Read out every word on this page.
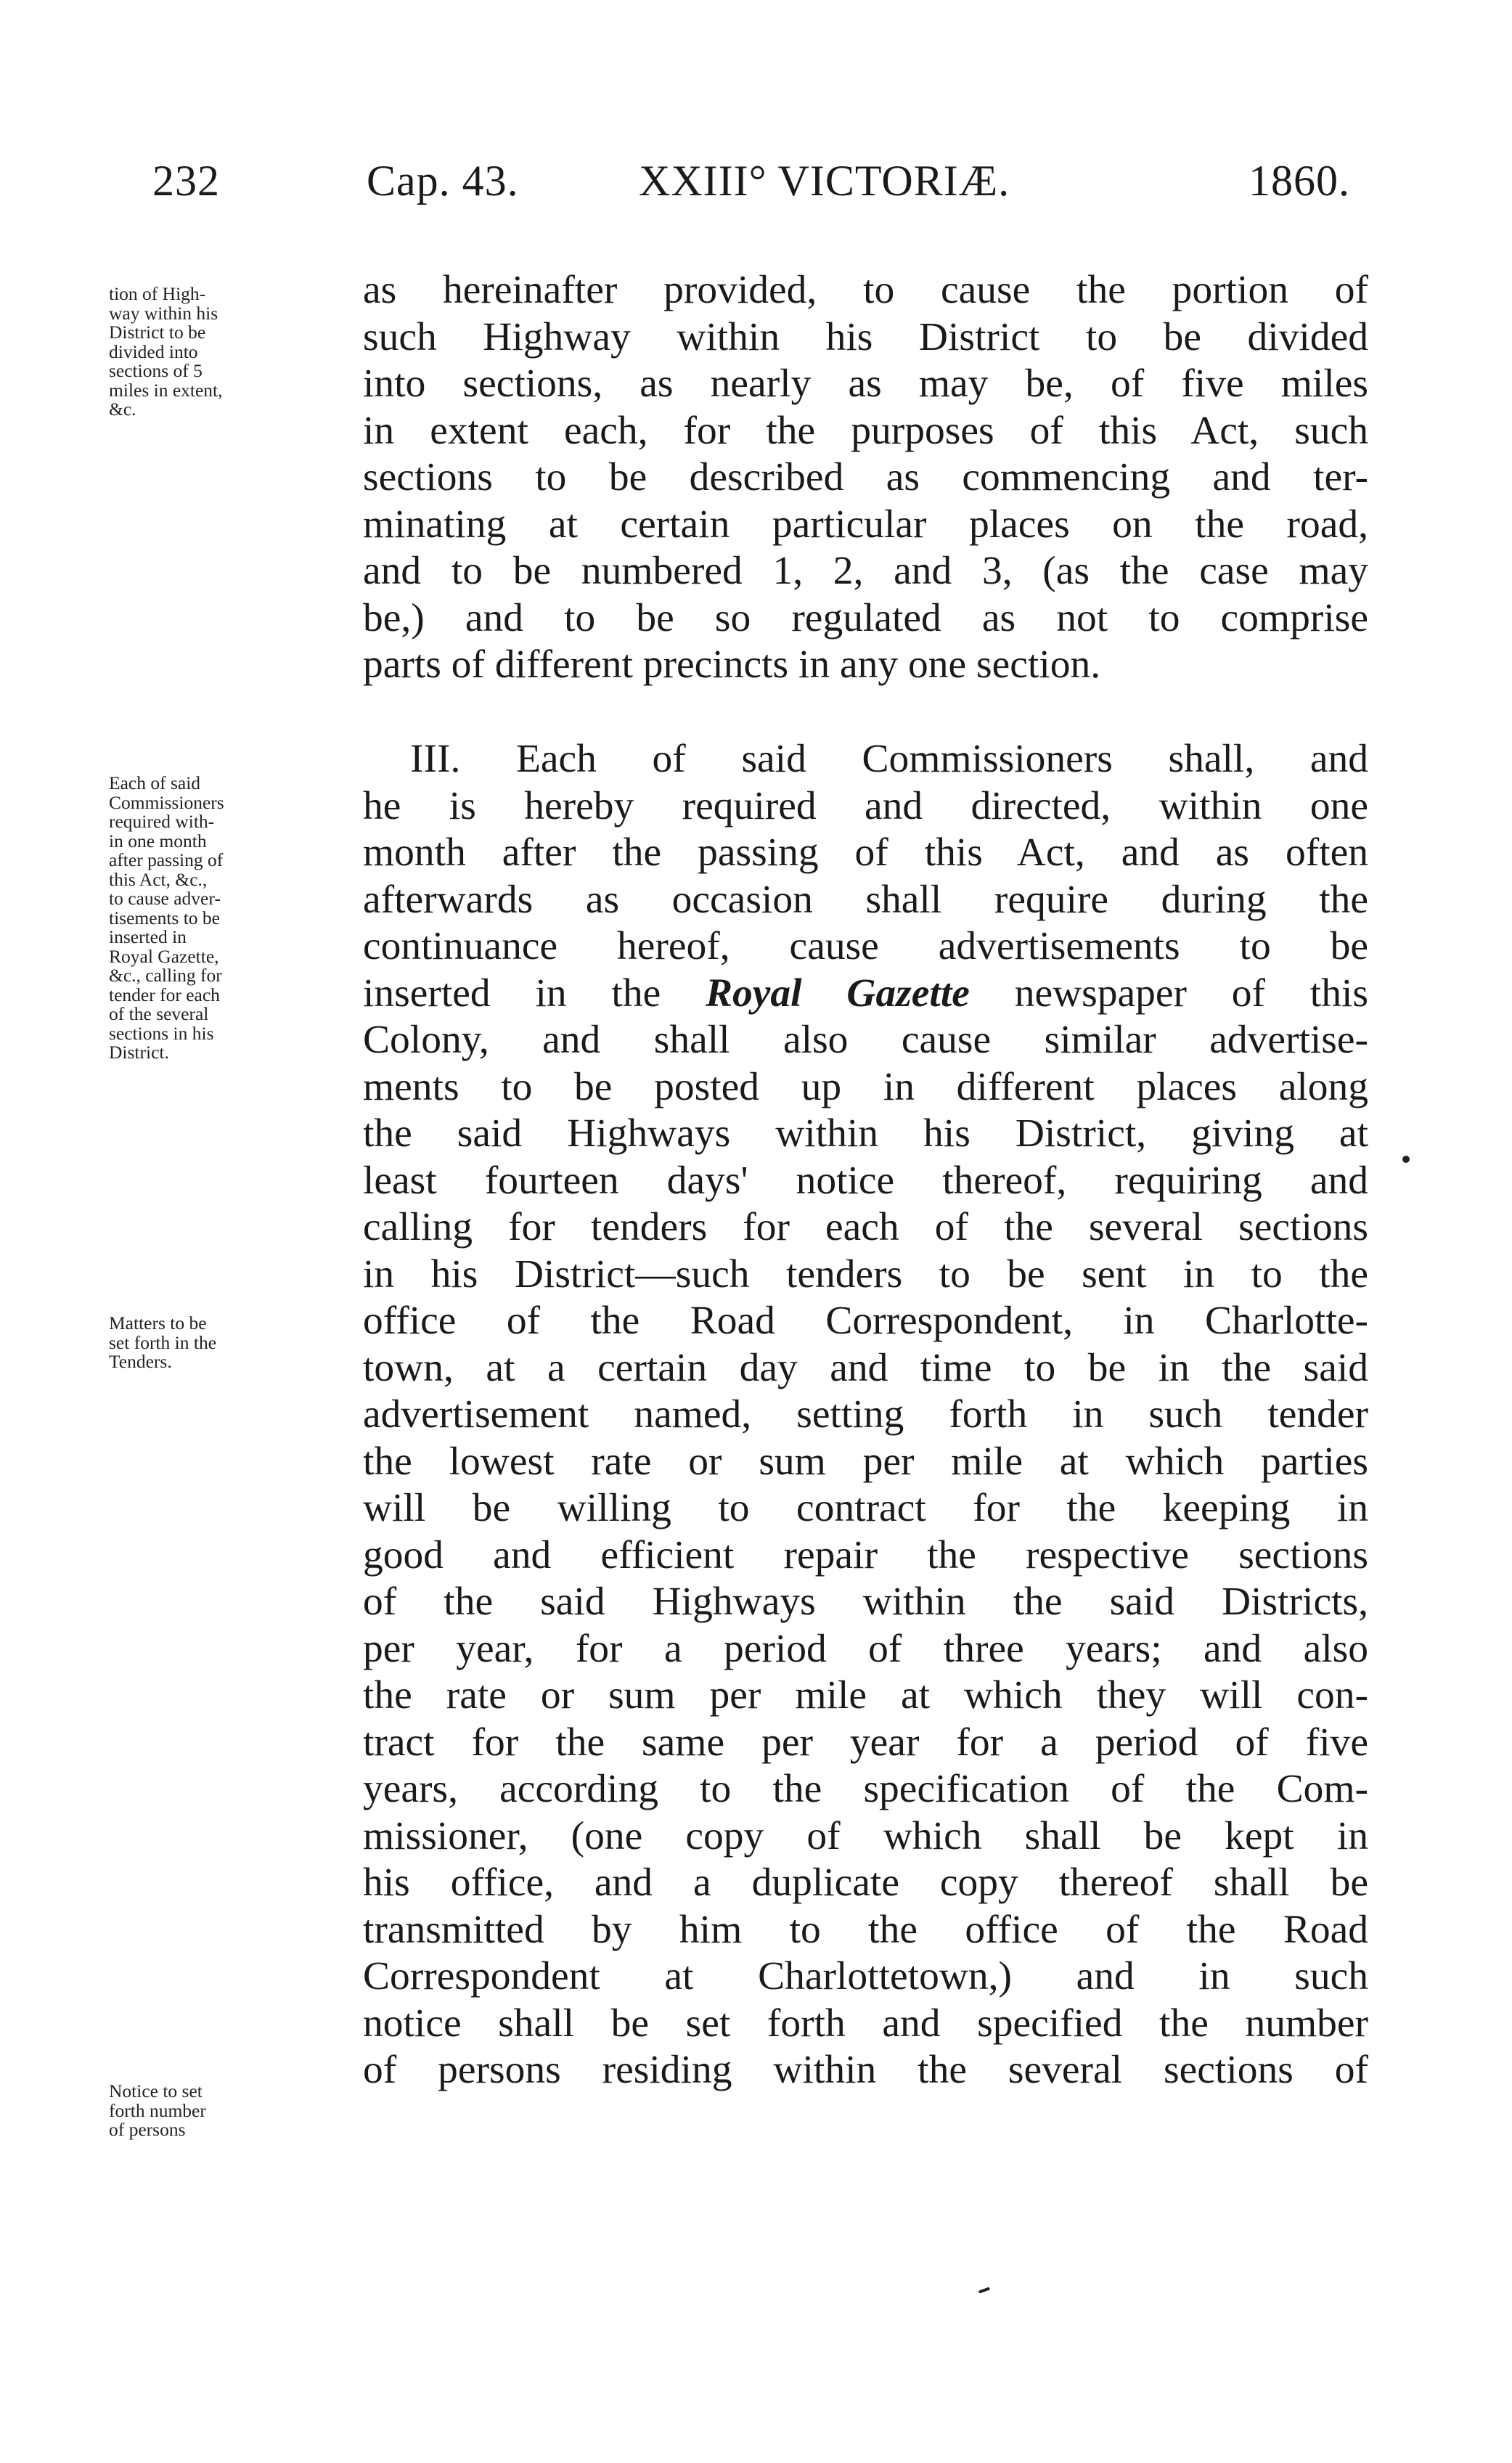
232	Cap. 43.	XXIII° VICTORIÆ.	1860.
tion of High-
way within his
District to be
divided into
sections of 5
miles in extent,
&c.
as hereinafter provided, to cause the portion of
such Highway within his District to be divided
into sections, as nearly as may be, of five miles
in extent each, for the purposes of this Act, such
sections to be described as commencing and ter-
minating at certain particular places on the road,
and to be numbered 1, 2, and 3, (as the case may
be,) and to be so regulated as not to comprise
parts of different precincts in any one section.
Each of said
Commissioners
required with-
in one month
after passing of
this Act, &c.,
to cause adver-
tisements to be
inserted in
Royal Gazette,
&c., calling for
tender for each
of the several
sections in his
District.
III. Each of said Commissioners shall, and
he is hereby required and directed, within one
month after the passing of this Act, and as often
afterwards as occasion shall require during the
continuance hereof, cause advertisements to be
inserted in the Royal Gazette newspaper of this
Colony, and shall also cause similar advertise-
ments to be posted up in different places along
the said Highways within his District, giving at
least fourteen days' notice thereof, requiring and
calling for tenders for each of the several sections
in his District—such tenders to be sent in to the
office of the Road Correspondent, in Charlotte-
town, at a certain day and time to be in the said
advertisement named, setting forth in such tender
the lowest rate or sum per mile at which parties
will be willing to contract for the keeping in
good and efficient repair the respective sections
of the said Highways within the said Districts,
per year, for a period of three years; and also
the rate or sum per mile at which they will con-
tract for the same per year for a period of five
years, according to the specification of the Com-
missioner, (one copy of which shall be kept in
his office, and a duplicate copy thereof shall be
transmitted by him to the office of the Road
Correspondent at Charlottetown,) and in such
notice shall be set forth and specified the number
of persons residing within the several sections of
Matters to be
set forth in the
Tenders.
Notice to set
forth number
of persons
